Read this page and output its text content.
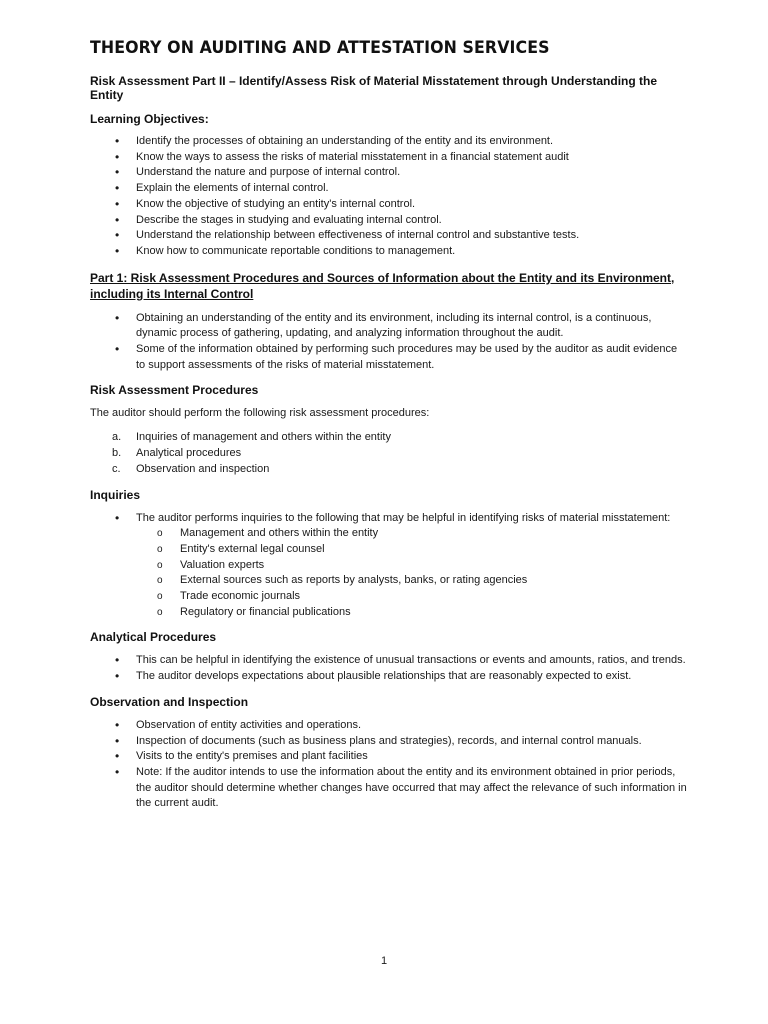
THEORY ON AUDITING AND ATTESTATION SERVICES
Risk Assessment Part II – Identify/Assess Risk of Material Misstatement through Understanding the Entity
Learning Objectives:
• Identify the processes of obtaining an understanding of the entity and its environment.
• Know the ways to assess the risks of material misstatement in a financial statement audit
• Understand the nature and purpose of internal control.
• Explain the elements of internal control.
• Know the objective of studying an entity's internal control.
• Describe the stages in studying and evaluating internal control.
• Understand the relationship between effectiveness of internal control and substantive tests.
• Know how to communicate reportable conditions to management.
Part 1: Risk Assessment Procedures and Sources of Information about the Entity and its Environment, including its Internal Control
• Obtaining an understanding of the entity and its environment, including its internal control, is a continuous, dynamic process of gathering, updating, and analyzing information throughout the audit.
• Some of the information obtained by performing such procedures may be used by the auditor as audit evidence to support assessments of the risks of material misstatement.
Risk Assessment Procedures

The auditor should perform the following risk assessment procedures:

a. Inquiries of management and others within the entity
b. Analytical procedures
c. Observation and inspection
Inquiries
• The auditor performs inquiries to the following that may be helpful in identifying risks of material misstatement:
o Management and others within the entity
o Entity's external legal counsel
o Valuation experts
o External sources such as reports by analysts, banks, or rating agencies
o Trade economic journals
o Regulatory or financial publications
Analytical Procedures
• This can be helpful in identifying the existence of unusual transactions or events and amounts, ratios, and trends.
• The auditor develops expectations about plausible relationships that are reasonably expected to exist.
Observation and Inspection
• Observation of entity activities and operations.
• Inspection of documents (such as business plans and strategies), records, and internal control manuals.
• Visits to the entity's premises and plant facilities
• Note: If the auditor intends to use the information about the entity and its environment obtained in prior periods, the auditor should determine whether changes have occurred that may affect the relevance of such information in the current audit.
1
